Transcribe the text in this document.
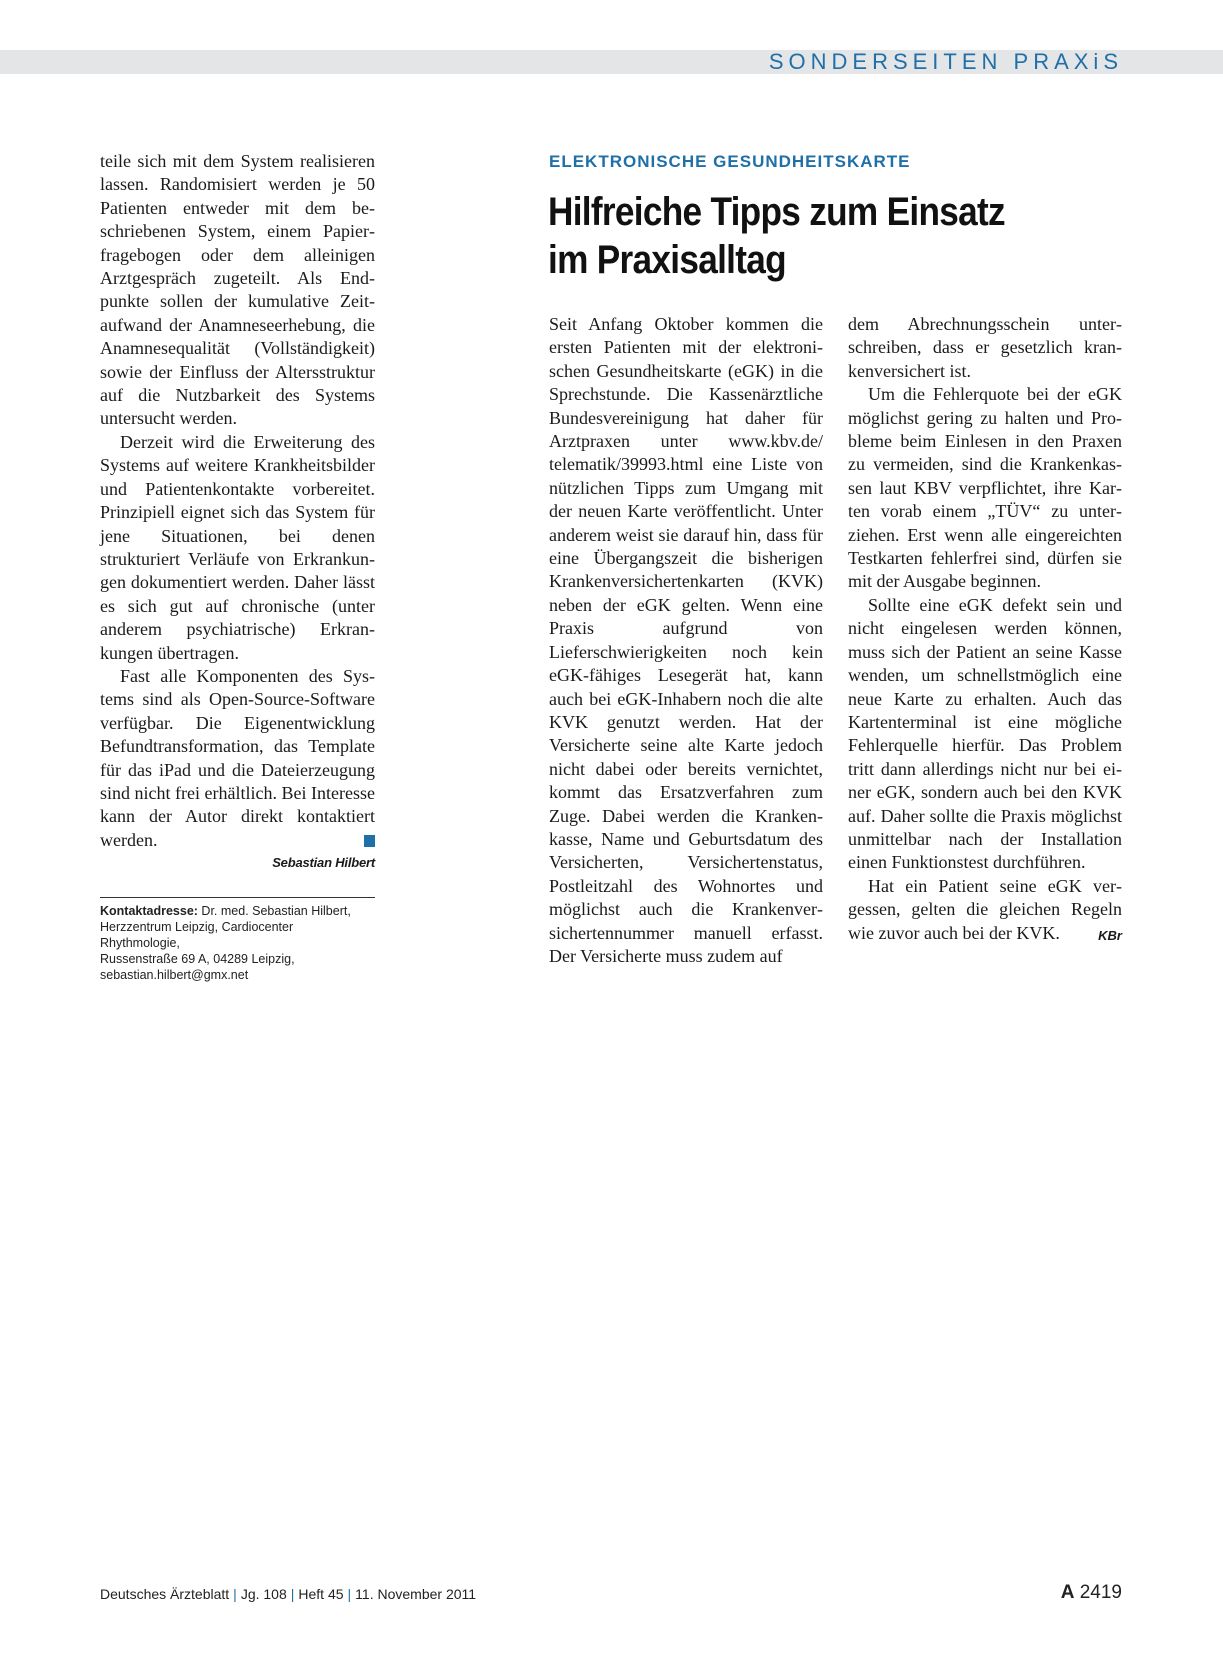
SONDERSEITEN PRAXiS

teile sich mit dem System realisieren lassen. Randomisiert werden je 50 Patienten entweder mit dem beschriebenen System, einem Papierfragebogen oder dem alleinigen Arztgespräch zugeteilt. Als Endpunkte sollen der kumulative Zeitaufwand der Anamneseerhebung, die Anamnesequalität (Vollständigkeit) sowie der Einfluss der Altersstruktur auf die Nutzbarkeit des Systems untersucht werden.

Derzeit wird die Erweiterung des Systems auf weitere Krankheitsbilder und Patientenkontakte vorbereitet. Prinzipiell eignet sich das System für jene Situationen, bei denen strukturiert Verläufe von Erkrankungen dokumentiert werden. Daher lässt es sich gut auf chronische (unter anderem psychiatrische) Erkrankungen übertragen.

Fast alle Komponenten des Systems sind als Open-Source-Software verfügbar. Die Eigenentwicklung Befundtransformation, das Template für das iPad und die Dateierzeugung sind nicht frei erhältlich. Bei Interesse kann der Autor direkt kontaktiert werden.

Sebastian Hilbert
Kontaktadresse: Dr. med. Sebastian Hilbert,
Herzzentrum Leipzig, Cardiocenter Rhythmologie,
Russenstraße 69 A, 04289 Leipzig,
sebastian.hilbert@gmx.net
ELEKTRONISCHE GESUNDHEITSKARTE
Hilfreiche Tipps zum Einsatz
im Praxisalltag

Seit Anfang Oktober kommen die ersten Patienten mit der elektronischen Gesundheitskarte (eGK) in die Sprechstunde. Die Kassenärztliche Bundesvereinigung hat daher für Arztpraxen unter www.kbv.de/ telematik/39993.html eine Liste von nützlichen Tipps zum Umgang mit der neuen Karte veröffentlicht. Unter anderem weist sie darauf hin, dass für eine Übergangszeit die bisherigen Krankenversichertenkarten (KVK) neben der eGK gelten. Wenn eine Praxis aufgrund von Lieferschwierigkeiten noch kein eGK-fähiges Lesegerät hat, kann auch bei eGK-Inhabern noch die alte KVK genutzt werden. Hat der Versicherte seine alte Karte jedoch nicht dabei oder bereits vernichtet, kommt das Ersatzverfahren zum Zuge. Dabei werden die Krankenkasse, Name und Geburtsdatum des Versicherten, Versichertenstatus, Postleitzahl des Wohnortes und möglichst auch die Krankenversichertennummer manuell erfasst. Der Versicherte muss zudem auf

dem Abrechnungsschein unterschreiben, dass er gesetzlich krankenversichert ist.

Um die Fehlerquote bei der eGK möglichst gering zu halten und Probleme beim Einlesen in den Praxen zu vermeiden, sind die Krankenkassen laut KBV verpflichtet, ihre Karten vorab einem „TÜV“ zu unterziehen. Erst wenn alle eingereichten Testkarten fehlerfrei sind, dürfen sie mit der Ausgabe beginnen.

Sollte eine eGK defekt sein und nicht eingelesen werden können, muss sich der Patient an seine Kasse wenden, um schnellstmöglich eine neue Karte zu erhalten. Auch das Kartenterminal ist eine mögliche Fehlerquelle hierfür. Das Problem tritt dann allerdings nicht nur bei einer eGK, sondern auch bei den KVK auf. Daher sollte die Praxis möglichst unmittelbar nach der Installation einen Funktionstest durchführen.

Hat ein Patient seine eGK vergessen, gelten die gleichen Regeln wie zuvor auch bei der KVK.	KBr

Deutsches Ärzteblatt | Jg. 108 | Heft 45 | 11. November 2011	A 2419
